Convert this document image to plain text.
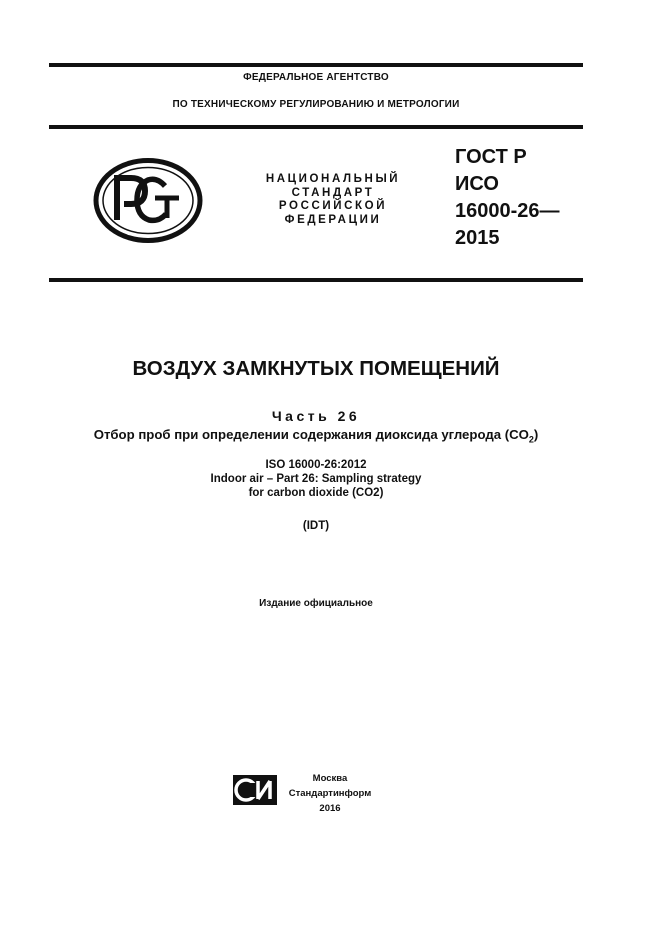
ФЕДЕРАЛЬНОЕ АГЕНТСТВО
ПО ТЕХНИЧЕСКОМУ РЕГУЛИРОВАНИЮ И МЕТРОЛОГИИ
НАЦИОНАЛЬНЫЙ
СТАНДАРТ
РОССИЙСКОЙ
ФЕДЕРАЦИИ
ГОСТ Р
ИСО
16000-26—
2015
ВОЗДУХ ЗАМКНУТЫХ ПОМЕЩЕНИЙ
Часть 26
Отбор проб при определении содержания диоксида углерода $(CO_2)$
ISO 16000-26:2012
Indoor air – Part 26: Sampling strategy
for carbon dioxide (CO2)
(IDT)
Издание официальное
Москва
Стандартинформ
2016
